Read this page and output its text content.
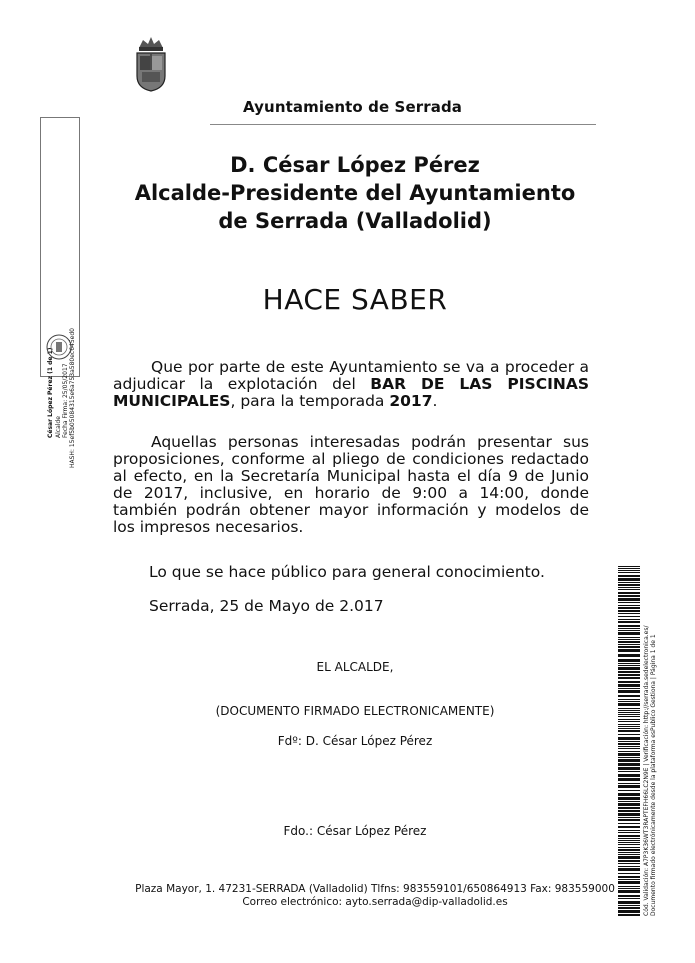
Ayuntamiento de Serrada
D. César López Pérez
Alcalde-Presidente del Ayuntamiento
de Serrada (Valladolid)
HACE SABER
Que por parte de este Ayuntamiento se va a proceder a adjudicar la explotación del BAR DE LAS PISCINAS MUNICIPALES, para la temporada 2017.
Aquellas personas interesadas podrán presentar sus proposiciones, conforme al pliego de condiciones redactado al efecto, en la Secretaría Municipal hasta el día 9 de Junio de 2017, inclusive, en horario de 9:00 a 14:00, donde también podrán obtener mayor información y modelos de los impresos necesarios.
Lo que se hace público para general conocimiento.
Serrada, 25 de Mayo de 2.017
EL ALCALDE,
(DOCUMENTO FIRMADO ELECTRONICAMENTE)
Fdº: D. César López Pérez
Fdo.: César López Pérez
Plaza Mayor, 1. 47231-SERRADA (Valladolid) Tlfns: 983559101/650864913 Fax: 983559000
Correo electrónico: ayto.serrada@dip-valladolid.es
César López Pérez (1 de 1) Alcalde Fecha Firma: 25/05/2017 HASH: 15ef5b05084315e6a753a580ec645ed0
Cód. Validación: A7P3K36WT3RAPTEFH66LC2N9E | Verificación: http://serrada.sedelectronica.es/ Documento firmado electrónicamente desde la plataforma esPublico Gestiona | Página 1 de 1
